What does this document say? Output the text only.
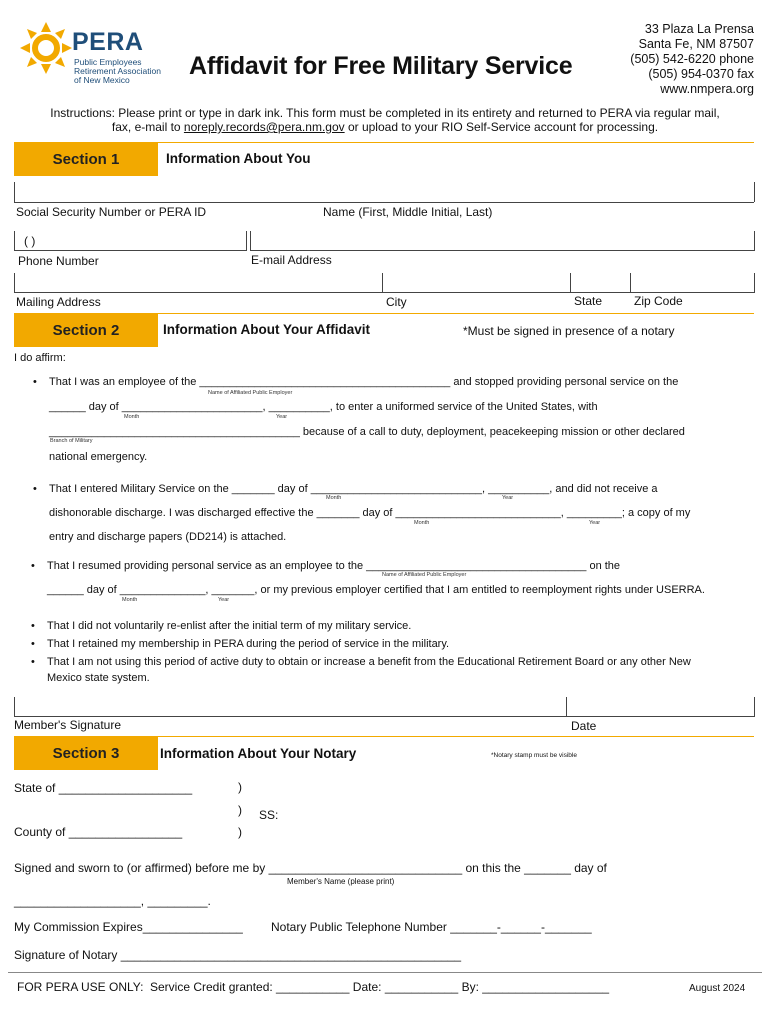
PERA
Public Employees
Retirement Association
of New Mexico	Affidavit for Free Military Service
33 Plaza La Prensa
Santa Fe, NM 87507
(505) 542-6220 phone
(505) 954-0370 fax
www.nmpera.org
Instructions: Please print or type in dark ink. This form must be completed in its entirety and returned to PERA via regular mail,
fax, e-mail to noreply.records@pera.nm.gov or upload to your RIO Self-Service account for processing.
Section 1	Information About You
Social Security Number or PERA ID	Name (First, Middle Initial, Last)
( )
Phone Number	E-mail Address
Mailing Address	City	State	Zip Code
Section 2	Information About Your Affidavit	*Must be signed in presence of a notary
I do affirm:
• That I was an employee of the _________________________________________ and stopped providing personal service on the
Name of Affiliated Public Employer
______ day of _______________________, __________, to enter a uniformed service of the United States, with
Month	Year
_________________________________________ because of a call to duty, deployment, peacekeeping mission or other declared
Branch of Military
national emergency.
• That I entered Military Service on the _______ day of ____________________________, __________, and did not receive a
Month	Year
dishonorable discharge. I was discharged effective the _______ day of ___________________________, _________; a copy of my
Month	Year
entry and discharge papers (DD214) is attached.
• That I resumed providing personal service as an employee to the ____________________________________ on the
Name of Affiliated Public Employer
______ day of ______________, _______, or my previous employer certified that I am entitled to reemployment rights under USERRA.
Month	Year
• That I did not voluntarily re-enlist after the initial term of my military service.
• That I retained my membership in PERA during the period of service in the military.
• That I am not using this period of active duty to obtain or increase a benefit from the Educational Retirement Board or any other New
Mexico state system.
Member's Signature	Date
Section 3	Information About Your Notary	*Notary stamp must be visible
State of ____________________	)
) SS:
)
County of _________________
Signed and sworn to (or affirmed) before me by _____________________________ on this the _______ day of
Member's Name (please print)
___________________, _________.
My Commission Expires_______________ Notary Public Telephone Number _______-______-_______
Signature of Notary ___________________________________________________
FOR PERA USE ONLY: Service Credit granted: ___________ Date: ___________ By: ___________________	August 2024
